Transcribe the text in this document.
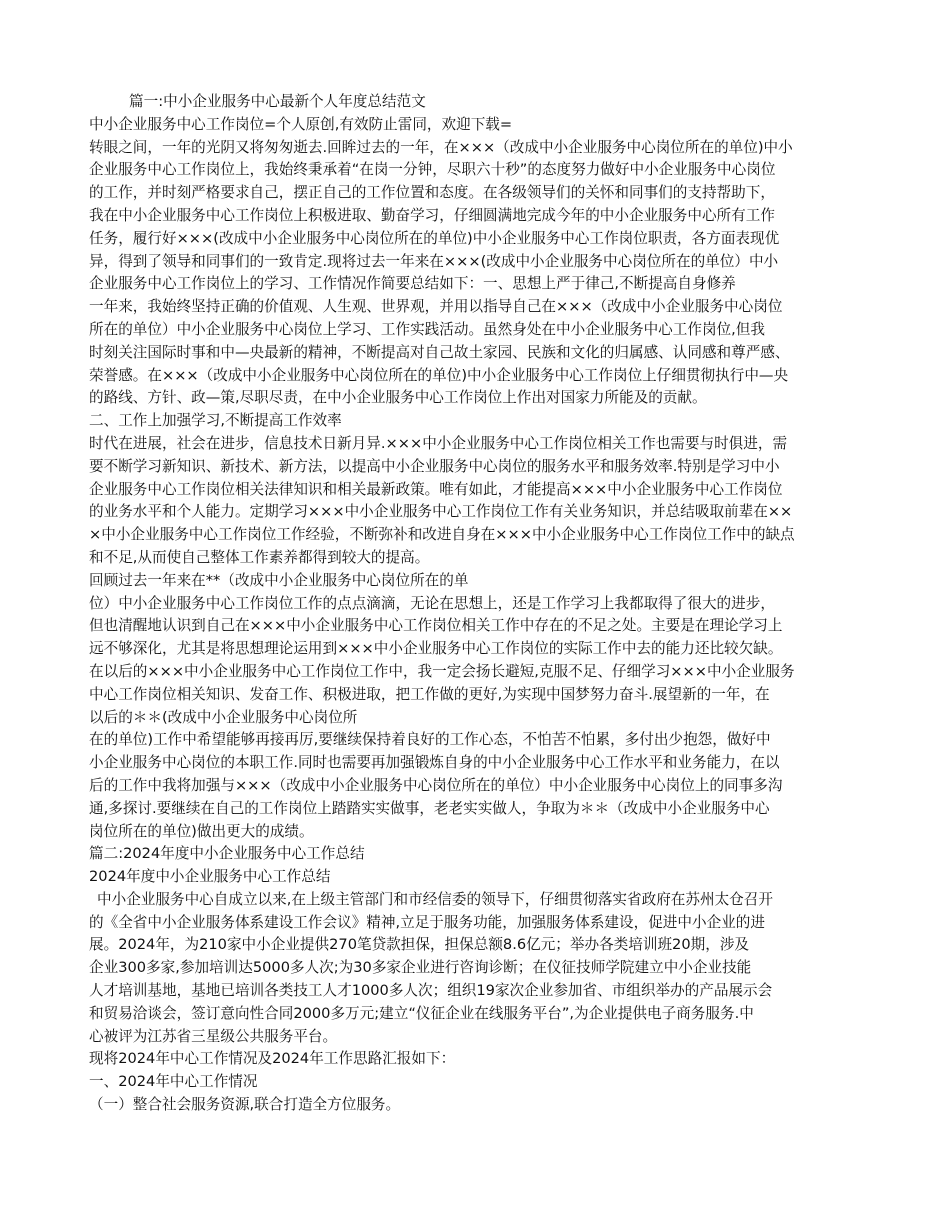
篇一:中小企业服务中心最新个人年度总结范文
中小企业服务中心工作岗位=个人原创,有效防止雷同，欢迎下载=
转眼之间，一年的光阴又将匆匆逝去.回眸过去的一年，在×××（改成中小企业服务中心岗位所在的单位)中小
企业服务中心工作岗位上，我始终秉承着“在岗一分钟，尽职六十秒”的态度努力做好中小企业服务中心岗位
的工作，并时刻严格要求自己，摆正自己的工作位置和态度。在各级领导们的关怀和同事们的支持帮助下，
我在中小企业服务中心工作岗位上积极进取、勤奋学习，仔细圆满地完成今年的中小企业服务中心所有工作
任务，履行好×××(改成中小企业服务中心岗位所在的单位)中小企业服务中心工作岗位职责，各方面表现优
异，得到了领导和同事们的一致肯定.现将过去一年来在×××(改成中小企业服务中心岗位所在的单位）中小
企业服务中心工作岗位上的学习、工作情况作简要总结如下：一、思想上严于律己,不断提高自身修养
一年来，我始终坚持正确的价值观、人生观、世界观，并用以指导自己在×××（改成中小企业服务中心岗位
所在的单位）中小企业服务中心岗位上学习、工作实践活动。虽然身处在中小企业服务中心工作岗位,但我
时刻关注国际时事和中—央最新的精神，不断提高对自己故土家园、民族和文化的归属感、认同感和尊严感、
荣誉感。在×××（改成中小企业服务中心岗位所在的单位)中小企业服务中心工作岗位上仔细贯彻执行中—央
的路线、方针、政—策,尽职尽责，在中小企业服务中心工作岗位上作出对国家力所能及的贡献。
二、工作上加强学习,不断提高工作效率
时代在进展，社会在进步，信息技术日新月异.×××中小企业服务中心工作岗位相关工作也需要与时俱进，需
要不断学习新知识、新技术、新方法，以提高中小企业服务中心岗位的服务水平和服务效率.特别是学习中小
企业服务中心工作岗位相关法律知识和相关最新政策。唯有如此，才能提高×××中小企业服务中心工作岗位
的业务水平和个人能力。定期学习×××中小企业服务中心工作岗位工作有关业务知识，并总结吸取前辈在××
×中小企业服务中心工作岗位工作经验，不断弥补和改进自身在×××中小企业服务中心工作岗位工作中的缺点
和不足,从而使自己整体工作素养都得到较大的提高。
回顾过去一年来在**（改成中小企业服务中心岗位所在的单
位）中小企业服务中心工作岗位工作的点点滴滴，无论在思想上，还是工作学习上我都取得了很大的进步，
但也清醒地认识到自己在×××中小企业服务中心工作岗位相关工作中存在的不足之处。主要是在理论学习上
远不够深化，尤其是将思想理论运用到×××中小企业服务中心工作岗位的实际工作中去的能力还比较欠缺。
在以后的×××中小企业服务中心工作岗位工作中，我一定会扬长避短,克服不足、仔细学习×××中小企业服务
中心工作岗位相关知识、发奋工作、积极进取，把工作做的更好,为实现中国梦努力奋斗.展望新的一年，在
以后的＊＊(改成中小企业服务中心岗位所
在的单位)工作中希望能够再接再厉,要继续保持着良好的工作心态，不怕苦不怕累，多付出少抱怨，做好中
小企业服务中心岗位的本职工作.同时也需要再加强锻炼自身的中小企业服务中心工作水平和业务能力，在以
后的工作中我将加强与×××（改成中小企业服务中心岗位所在的单位）中小企业服务中心岗位上的同事多沟
通,多探讨.要继续在自己的工作岗位上踏踏实实做事，老老实实做人，争取为＊＊（改成中小企业服务中心
岗位所在的单位)做出更大的成绩。
篇二:2024年度中小企业服务中心工作总结
2024年度中小企业服务中心工作总结
中小企业服务中心自成立以来,在上级主管部门和市经信委的领导下，仔细贯彻落实省政府在苏州太仓召开
的《全省中小企业服务体系建设工作会议》精神,立足于服务功能，加强服务体系建设，促进中小企业的进
展。2024年，为210家中小企业提供270笔贷款担保，担保总额8.6亿元；举办各类培训班20期，涉及
企业300多家,参加培训达5000多人次;为30多家企业进行咨询诊断；在仪征技师学院建立中小企业技能
人才培训基地，基地已培训各类技工人才1000多人次；组织19家次企业参加省、市组织举办的产品展示会
和贸易洽谈会，签订意向性合同2000多万元;建立“仪征企业在线服务平台”,为企业提供电子商务服务.中
心被评为江苏省三星级公共服务平台。
现将2024年中心工作情况及2024年工作思路汇报如下：
一、2024年中心工作情况
（一）整合社会服务资源,联合打造全方位服务。
